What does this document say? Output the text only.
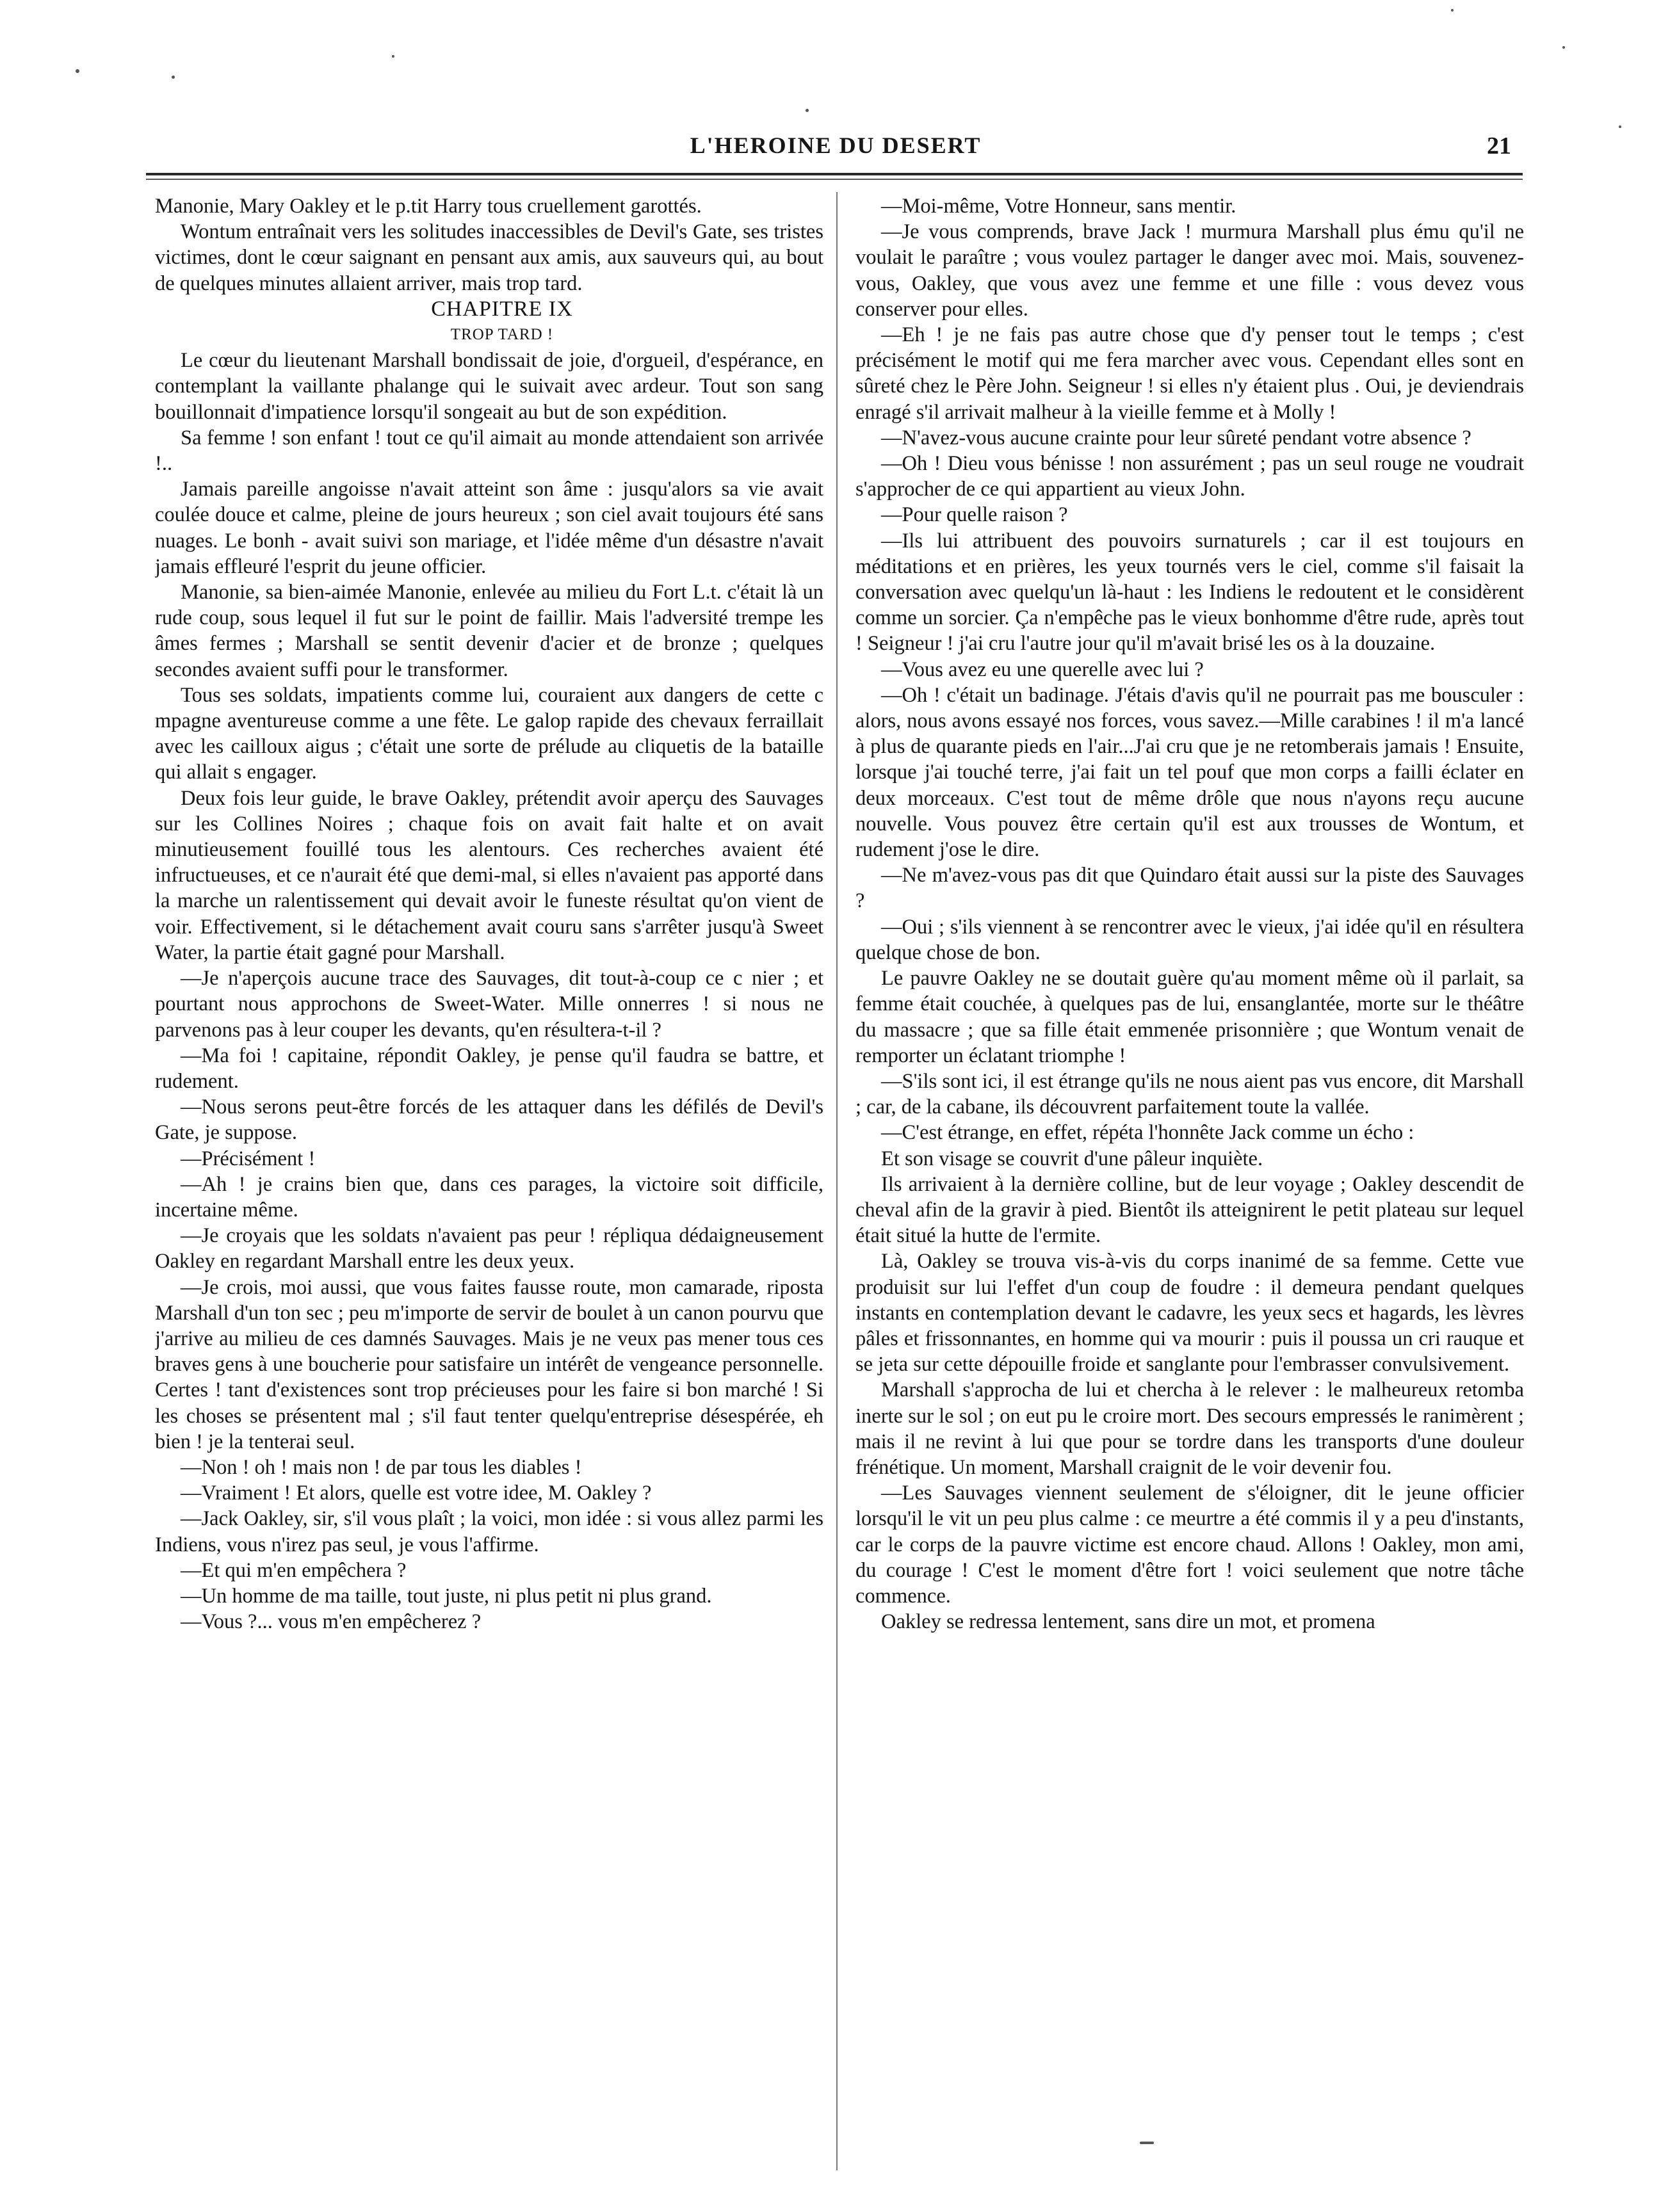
L'HEROINE DU DESERT	21

Manonie, Mary Oakley et le p.tit Harry tous cruellement garottés.

Wontum entraînait vers les solitudes inaccessibles de Devil's Gate, ses tristes victimes, dont le cœur saignant en pensant aux amis, aux sauveurs qui, au bout de quelques minutes allaient arriver, mais trop tard.

CHAPITRE IX

TROP TARD !

Le cœur du lieutenant Marshall bondissait de joie, d'orgueil, d'espérance, en contemplant la vaillante phalange qui le suivait avec ardeur. Tout son sang bouillonnait d'impatience lorsqu'il songeait au but de son expédition.

Sa femme ! son enfant ! tout ce qu'il aimait au monde attendaient son arrivée !..

Jamais pareille angoisse n'avait atteint son âme : jusqu'alors sa vie avait coulée douce et calme, pleine de jours heureux ; son ciel avait toujours été sans nuages. Le bonh - avait suivi son mariage, et l'idée même d'un désastre n'avait jamais effleuré l'esprit du jeune officier.

Manonie, sa bien-aimée Manonie, enlevée au milieu du Fort L.t. c'était là un rude coup, sous lequel il fut sur le point de faillir. Mais l'adversité trempe les âmes fermes ; Marshall se sentit devenir d'acier et de bronze ; quelques secondes avaient suffi pour le transformer.

Tous ses soldats, impatients comme lui, couraient aux dangers de cette c mpagne aventureuse comme a une fête. Le galop rapide des chevaux ferraillait avec les cailloux aigus ; c'était une sorte de prélude au cliquetis de la bataille qui allait s engager.

Deux fois leur guide, le brave Oakley, prétendit avoir aperçu des Sauvages sur les Collines Noires ; chaque fois on avait fait halte et on avait minutieusement fouillé tous les alentours. Ces recherches avaient été infructueuses, et ce n'aurait été que demi-mal, si elles n'avaient pas apporté dans la marche un ralentissement qui devait avoir le funeste résultat qu'on vient de voir. Effectivement, si le détachement avait couru sans s'arrêter jusqu'à Sweet Water, la partie était gagné pour Marshall.

—Je n'aperçois aucune trace des Sauvages, dit tout-à-coup ce c nier ; et pourtant nous approchons de Sweet-Water. Mille onnerres ! si nous ne parvenons pas à leur couper les devants, qu'en résultera-t-il ?

—Ma foi ! capitaine, répondit Oakley, je pense qu'il faudra se battre, et rudement.

—Nous serons peut-être forcés de les attaquer dans les défilés de Devil's Gate, je suppose.

—Précisément !

—Ah ! je crains bien que, dans ces parages, la victoire soit difficile, incertaine même.

—Je croyais que les soldats n'avaient pas peur ! répliqua dédaigneusement Oakley en regardant Marshall entre les deux yeux.

—Je crois, moi aussi, que vous faites fausse route, mon camarade, riposta Marshall d'un ton sec ; peu m'importe de servir de boulet à un canon pourvu que j'arrive au milieu de ces damnés Sauvages. Mais je ne veux pas mener tous ces braves gens à une boucherie pour satisfaire un intérêt de vengeance personnelle. Certes ! tant d'existences sont trop précieuses pour les faire si bon marché ! Si les choses se présentent mal ; s'il faut tenter quelqu'entreprise désespérée, eh bien ! je la tenterai seul.

—Non ! oh ! mais non ! de par tous les diables !

—Vraiment ! Et alors, quelle est votre idee, M. Oakley ?

—Jack Oakley, sir, s'il vous plaît ; la voici, mon idée : si vous allez parmi les Indiens, vous n'irez pas seul, je vous l'affirme.

—Et qui m'en empêchera ?

—Un homme de ma taille, tout juste, ni plus petit ni plus grand.

—Vous ?... vous m'en empêcherez ?

—Moi-même, Votre Honneur, sans mentir.

—Je vous comprends, brave Jack ! murmura Marshall plus ému qu'il ne voulait le paraître ; vous voulez partager le danger avec moi. Mais, souvenez-vous, Oakley, que vous avez une femme et une fille : vous devez vous conserver pour elles.

—Eh ! je ne fais pas autre chose que d'y penser tout le temps ; c'est précisément le motif qui me fera marcher avec vous. Cependant elles sont en sûreté chez le Père John. Seigneur ! si elles n'y étaient plus . Oui, je deviendrais enragé s'il arrivait malheur à la vieille femme et à Molly !

—N'avez-vous aucune crainte pour leur sûreté pendant votre absence ?

—Oh ! Dieu vous bénisse ! non assurément ; pas un seul rouge ne voudrait s'approcher de ce qui appartient au vieux John.

—Pour quelle raison ?

—Ils lui attribuent des pouvoirs surnaturels ; car il est toujours en méditations et en prières, les yeux tournés vers le ciel, comme s'il faisait la conversation avec quelqu'un là-haut : les Indiens le redoutent et le considèrent comme un sorcier. Ça n'empêche pas le vieux bonhomme d'être rude, après tout ! Seigneur ! j'ai cru l'autre jour qu'il m'avait brisé les os à la douzaine.

—Vous avez eu une querelle avec lui ?

—Oh ! c'était un badinage. J'étais d'avis qu'il ne pourrait pas me bousculer : alors, nous avons essayé nos forces, vous savez.—Mille carabines ! il m'a lancé à plus de quarante pieds en l'air...J'ai cru que je ne retomberais jamais ! Ensuite, lorsque j'ai touché terre, j'ai fait un tel pouf que mon corps a failli éclater en deux morceaux. C'est tout de même drôle que nous n'ayons reçu aucune nouvelle. Vous pouvez être certain qu'il est aux trousses de Wontum, et rudement j'ose le dire.

—Ne m'avez-vous pas dit que Quindaro était aussi sur la piste des Sauvages ?

—Oui ; s'ils viennent à se rencontrer avec le vieux, j'ai idée qu'il en résultera quelque chose de bon.

Le pauvre Oakley ne se doutait guère qu'au moment même où il parlait, sa femme était couchée, à quelques pas de lui, ensanglantée, morte sur le théâtre du massacre ; que sa fille était emmenée prisonnière ; que Wontum venait de remporter un éclatant triomphe !

—S'ils sont ici, il est étrange qu'ils ne nous aient pas vus encore, dit Marshall ; car, de la cabane, ils découvrent parfaitement toute la vallée.

—C'est étrange, en effet, répéta l'honnête Jack comme un écho :

Et son visage se couvrit d'une pâleur inquiète.

Ils arrivaient à la dernière colline, but de leur voyage ; Oakley descendit de cheval afin de la gravir à pied. Bientôt ils atteignirent le petit plateau sur lequel était situé la hutte de l'ermite.

Là, Oakley se trouva vis-à-vis du corps inanimé de sa femme. Cette vue produisit sur lui l'effet d'un coup de foudre : il demeura pendant quelques instants en contemplation devant le cadavre, les yeux secs et hagards, les lèvres pâles et frissonnantes, en homme qui va mourir : puis il poussa un cri rauque et se jeta sur cette dépouille froide et sanglante pour l'embrasser convulsivement.

Marshall s'approcha de lui et chercha à le relever : le malheureux retomba inerte sur le sol ; on eut pu le croire mort. Des secours empressés le ranimèrent ; mais il ne revint à lui que pour se tordre dans les transports d'une douleur frénétique. Un moment, Marshall craignit de le voir devenir fou.

—Les Sauvages viennent seulement de s'éloigner, dit le jeune officier lorsqu'il le vit un peu plus calme : ce meurtre a été commis il y a peu d'instants, car le corps de la pauvre victime est encore chaud. Allons ! Oakley, mon ami, du courage ! C'est le moment d'être fort ! voici seulement que notre tâche commence.

Oakley se redressa lentement, sans dire un mot, et promena
